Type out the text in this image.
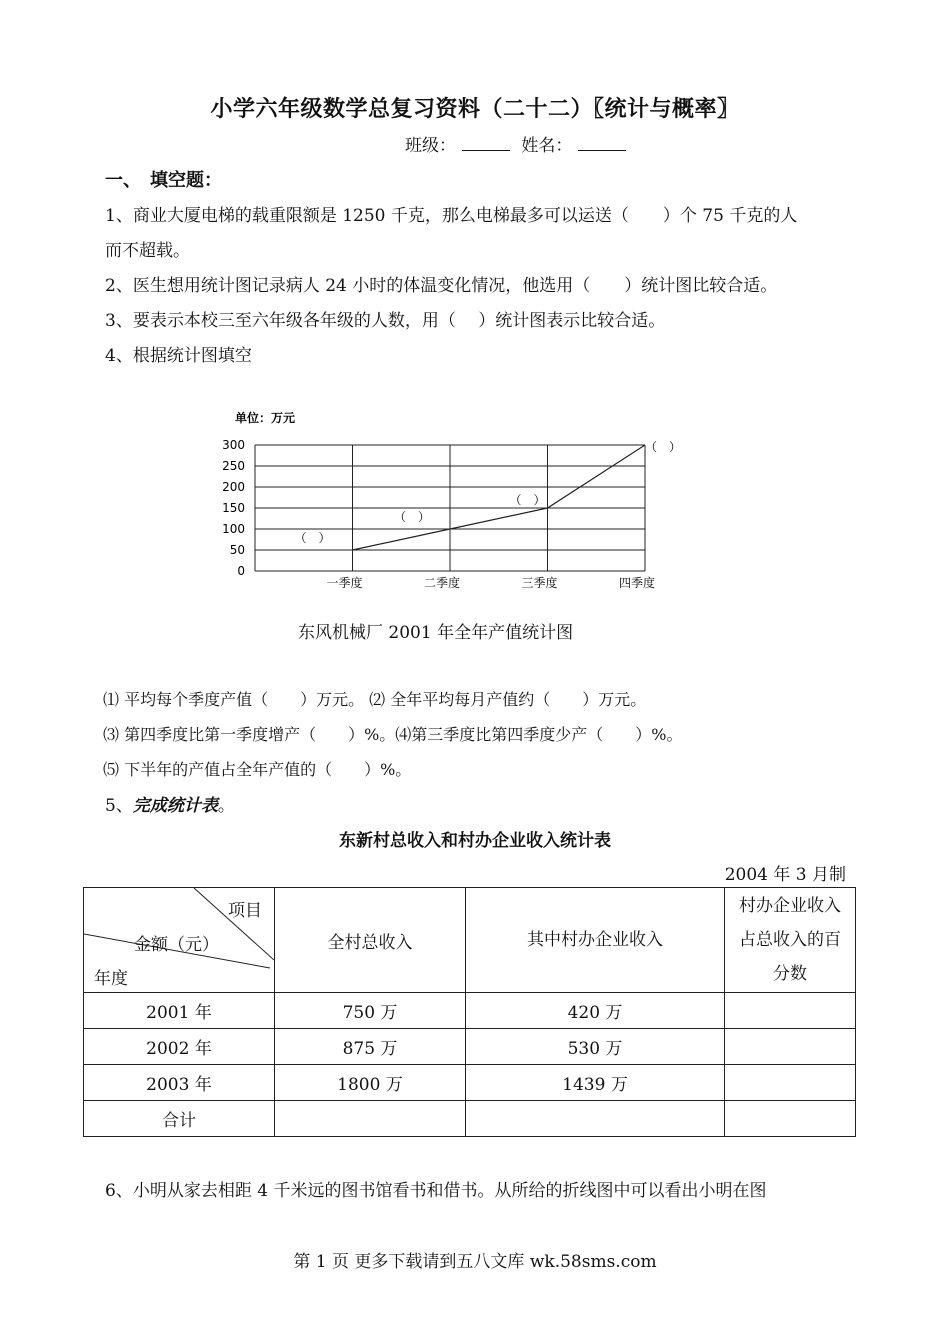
小学六年级数学总复习资料（二十二）〖统计与概率〗
班级：	姓名：
一、　填空题：
1、商业大厦电梯的载重限额是 1250 千克，那么电梯最多可以运送（　　）个 75 千克的人
而不超载。
2、医生想用统计图记录病人 24 小时的体温变化情况，他选用（　　）统计图比较合适。
3、要表示本校三至六年级各年级的人数，用（　 ）统计图表示比较合适。
4、根据统计图填空
单位：万元
300
250
200
150
100
50
0
一季度	二季度	三季度	四季度
（　）
（　）
（　）
（　）
东风机械厂 2001 年全年产值统计图
⑴ 平均每个季度产值（　　）万元。 ⑵ 全年平均每月产值约（　　）万元。
⑶ 第四季度比第一季度增产（　　）%。⑷第三季度比第四季度少产（　　）%。
⑸ 下半年的产值占全年产值的（　　）%。
5、完成统计表。
东新村总收入和村办企业收入统计表
2004 年 3 月制
项目
金额（元）
年度	全村总收入	其中村办企业收入	村办企业收入占总收入的百分数
2001 年	750 万	420 万	
2002 年	875 万	530 万	
2003 年	1800 万	1439 万	
合计			
6、小明从家去相距 4 千米远的图书馆看书和借书。从所给的折线图中可以看出小明在图
第 1 页 更多下载请到五八文库 wk.58sms.com
